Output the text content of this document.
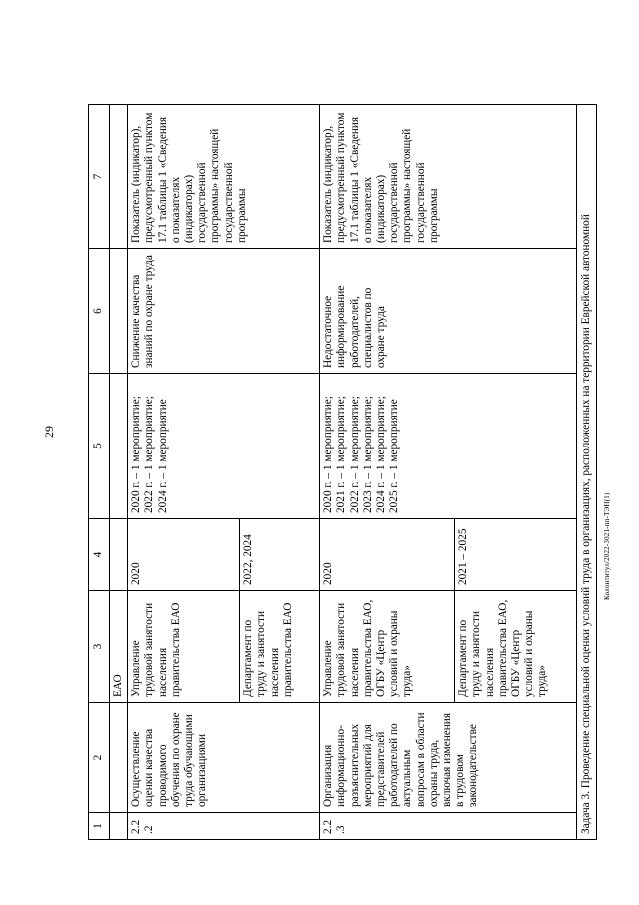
29
Колонтитул/2022-3021-пп-ТЭН(1)
1	2	3	4	5	6	7
		ЕАО				
2.2.2	Осуществление оценки качества проводимого обучения по охране труда обучающими организациями	Управление трудовой занятости населения правительства ЕАО	2020	2020 г. – 1 мероприятие; 2022 г. – 1 мероприятие; 2024 г. – 1 мероприятие	Снижение качества знаний по охране труда	Показатель (индикатор), предусмотренный пунктом 17.1 таблицы 1 «Сведения о показателях (индикаторах) государственной программы» настоящей государственной программы
		Департамент по труду и занятости населения правительства ЕАО	2022, 2024			
2.2.3	Организация информационно-разъяснительных мероприятий для представителей работодателей по актуальным вопросам в области охраны труда, включая изменения в трудовом законодательстве	Управление трудовой занятости населения правительства ЕАО, ОГБУ «Центр условий и охраны труда»	2020	2020 г. – 1 мероприятие; 2021 г. – 1 мероприятие; 2022 г. – 1 мероприятие; 2023 г. – 1 мероприятие; 2024 г. – 1 мероприятие; 2025 г. – 1 мероприятие	Недостаточное информирование работодателей, специалистов по охране труда	Показатель (индикатор), предусмотренный пунктом 17.1 таблицы 1 «Сведения о показателях (индикаторах) государственной программы» настоящей государственной программы
		Департамент по труду и занятости населения правительства ЕАО, ОГБУ «Центр условий и охраны труда»	2021 – 2025			
Задача 3. Проведение специальной оценки условий труда в организациях, расположенных на территории Еврейской автономной						
